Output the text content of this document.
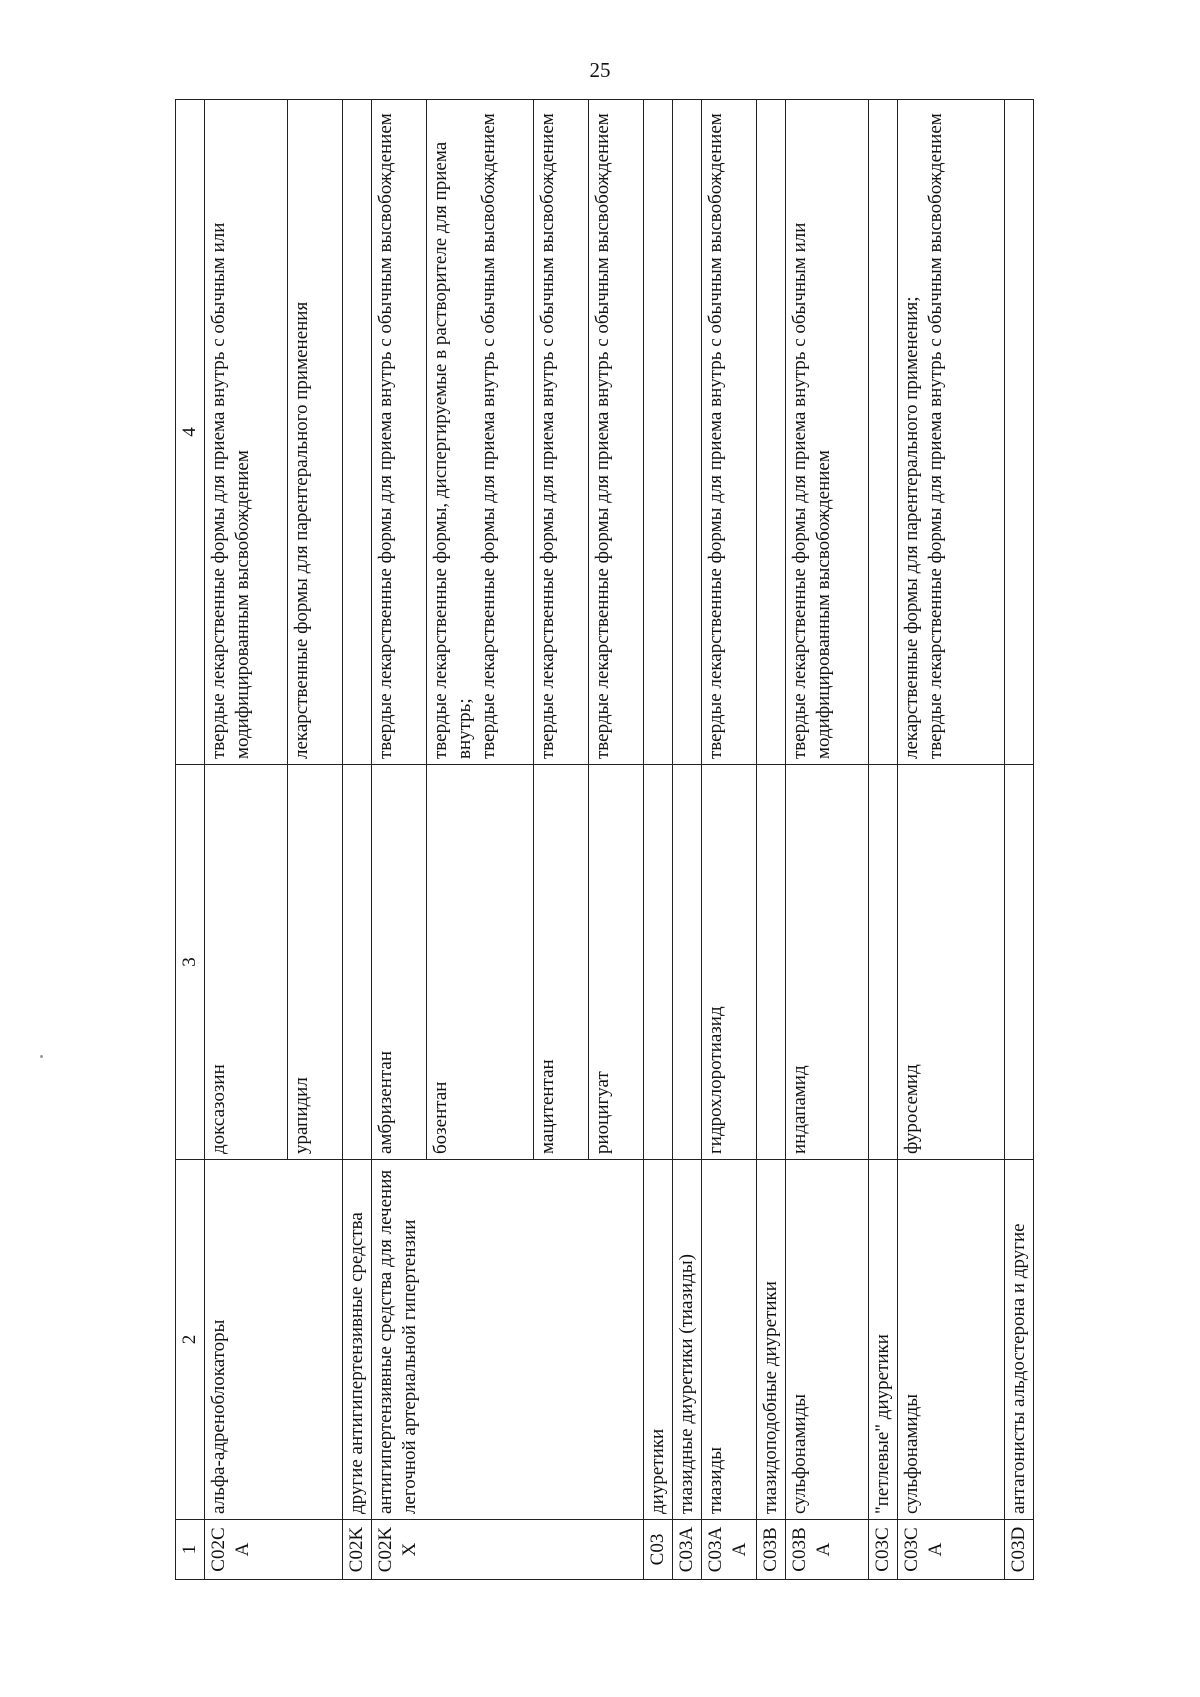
25
1	2	3	4
C02CA	альфа-адреноблокаторы	доксазозин	твердые лекарственные формы для приема внутрь с обычным или модифицированным высвобождением
		урапидил	лекарственные формы для парентерального применения
C02K	другие антигипертензивные средства		
C02KX	антигипертензивные средства для лечения легочной артериальной гипертензии	амбризентан	твердые лекарственные формы для приема внутрь с обычным высвобождением
		бозентан	твердые лекарственные формы, диспергируемые в растворителе для приема внутрь;
твердые лекарственные формы для приема внутрь с обычным высвобождением
		мацитентан	твердые лекарственные формы для приема внутрь с обычным высвобождением
		риоцигуат	твердые лекарственные формы для приема внутрь с обычным высвобождением
C03	диуретики		
C03A	тиазидные диуретики (тиазиды)		
C03AA	тиазиды	гидрохлоротиазид	твердые лекарственные формы для приема внутрь с обычным высвобождением
C03B	тиазидоподобные диуретики		
C03BA	сульфонамиды	индапамид	твердые лекарственные формы для приема внутрь с обычным или модифицированным высвобождением
C03C	"петлевые" диуретики		
C03CA	сульфонамиды	фуросемид	лекарственные формы для парентерального применения;
твердые лекарственные формы для приема внутрь с обычным высвобождением
C03D	антагонисты альдостерона и другие		
